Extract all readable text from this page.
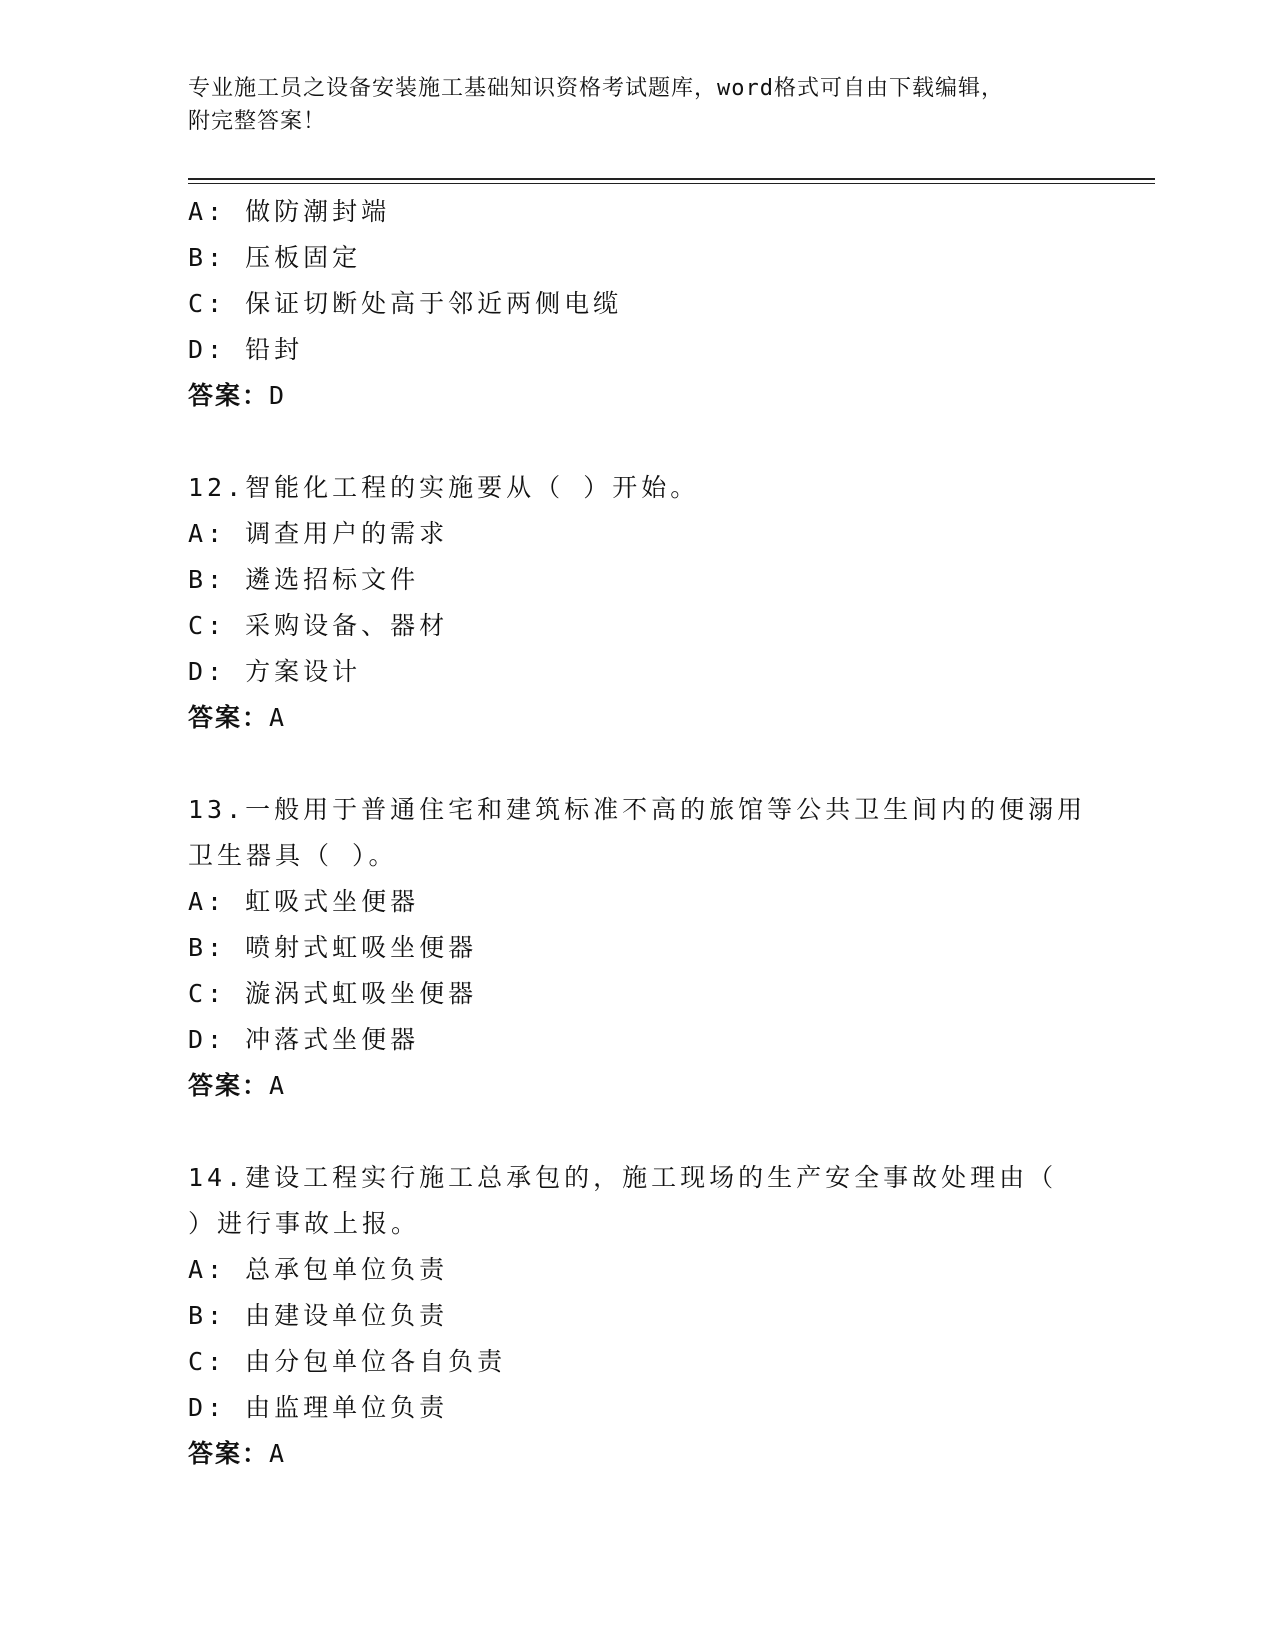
专业施工员之设备安装施工基础知识资格考试题库，word格式可自由下载编辑，
附完整答案！
A: 做防潮封端
B: 压板固定
C: 保证切断处高于邻近两侧电缆
D: 铅封
答案：D
12.智能化工程的实施要从（ ）开始。
A: 调查用户的需求
B: 遴选招标文件
C: 采购设备、器材
D: 方案设计
答案：A
13.一般用于普通住宅和建筑标准不高的旅馆等公共卫生间内的便溺用
卫生器具（ ）。
A: 虹吸式坐便器
B: 喷射式虹吸坐便器
C: 漩涡式虹吸坐便器
D: 冲落式坐便器
答案：A
14.建设工程实行施工总承包的，施工现场的生产安全事故处理由（
）进行事故上报。
A: 总承包单位负责
B: 由建设单位负责
C: 由分包单位各自负责
D: 由监理单位负责
答案：A
